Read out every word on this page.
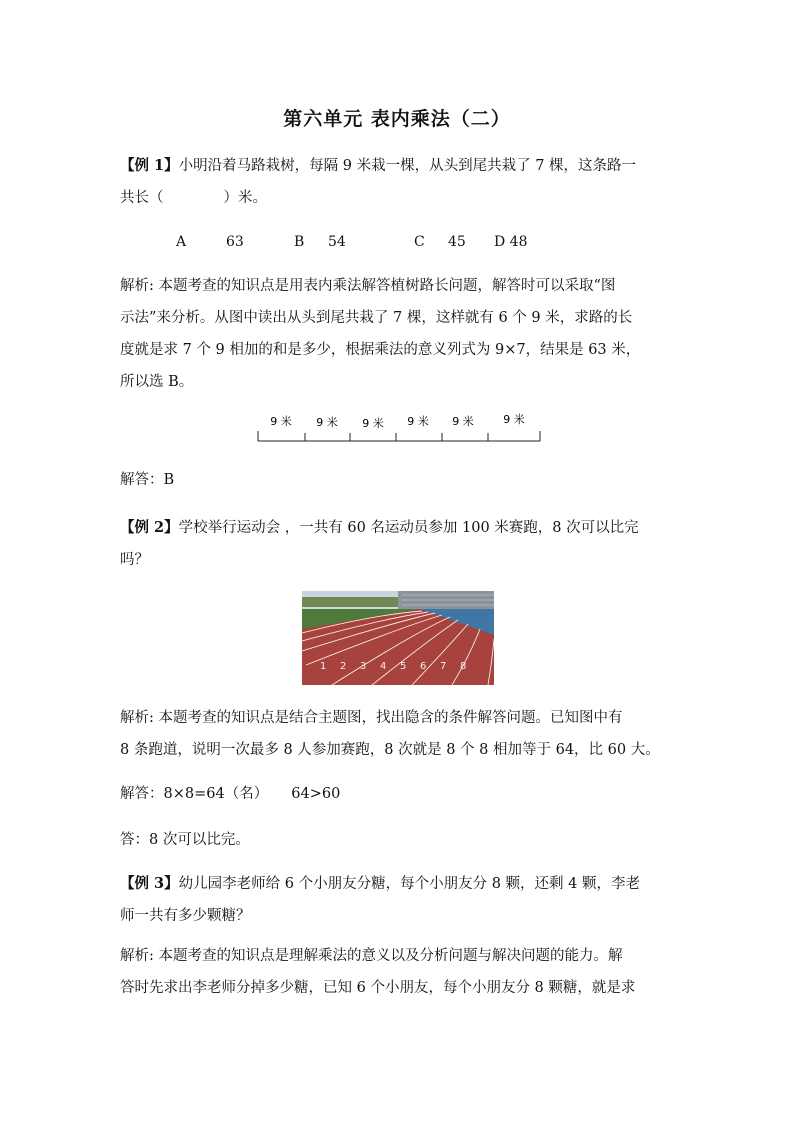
第六单元 表内乘法（二）
【例 1】小明沿着马路栽树，每隔 9 米栽一棵，从头到尾共栽了 7 棵，这条路一
共长（	）米。
A	63	B 54	C 45 D 48
解析: 本题考查的知识点是用表内乘法解答植树路长问题，解答时可以采取“图
示法”来分析。从图中读出从头到尾共栽了 7 棵，这样就有 6 个 9 米，求路的长
度就是求 7 个 9 相加的和是多少，根据乘法的意义列式为 9×7，结果是 63 米，
所以选 B。
9 米 9 米 9 米 9 米 9 米	9 米
解答：B
【例 2】学校举行运动会 ，一共有 60 名运动员参加 100 米赛跑，8 次可以比完
吗？
1 2 3 4 5 6 7 8
解析: 本题考查的知识点是结合主题图，找出隐含的条件解答问题。已知图中有
8 条跑道，说明一次最多 8 人参加赛跑，8 次就是 8 个 8 相加等于 64，比 60 大。
解答：8×8=64（名）     64>60
答：8 次可以比完。
【例 3】幼儿园李老师给 6 个小朋友分糖，每个小朋友分 8 颗，还剩 4 颗，李老
师一共有多少颗糖？
解析: 本题考查的知识点是理解乘法的意义以及分析问题与解决问题的能力。解
答时先求出李老师分掉多少糖，已知 6 个小朋友，每个小朋友分 8 颗糖，就是求
